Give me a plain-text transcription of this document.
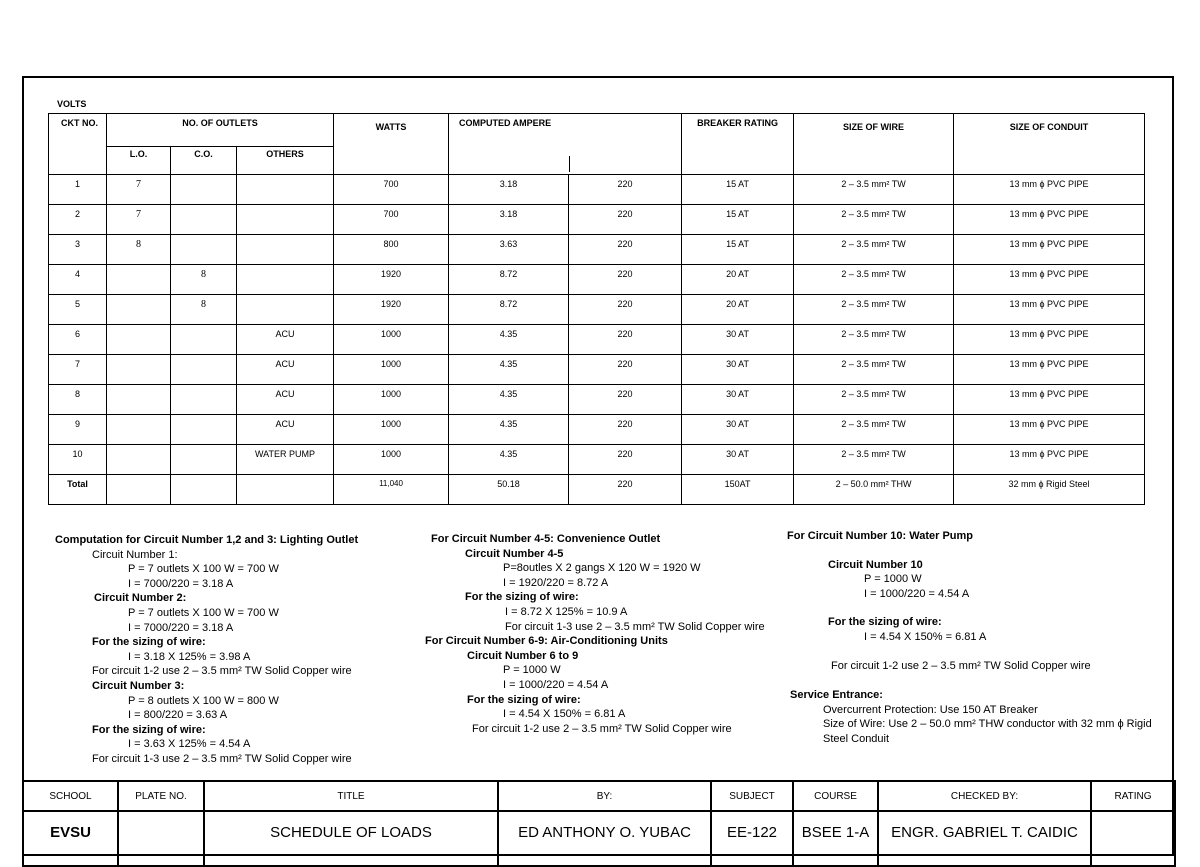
VOLTS
CKT NO.	NO. OF OUTLETS			WATTS	COMPUTED AMPERE		BREAKER RATING	SIZE OF WIRE	SIZE OF CONDUIT
	L.O.	C.O.	OTHERS						
1	7			700	3.18	220	15 AT	2 – 3.5 mm² TW	13 mm ϕ PVC PIPE
2	7			700	3.18	220	15 AT	2 – 3.5 mm² TW	13 mm ϕ PVC PIPE
3	8			800	3.63	220	15 AT	2 – 3.5 mm² TW	13 mm ϕ PVC PIPE
4		8		1920	8.72	220	20 AT	2 – 3.5 mm² TW	13 mm ϕ PVC PIPE
5		8		1920	8.72	220	20 AT	2 – 3.5 mm² TW	13 mm ϕ PVC PIPE
6			ACU	1000	4.35	220	30 AT	2 – 3.5 mm² TW	13 mm ϕ PVC PIPE
7			ACU	1000	4.35	220	30 AT	2 – 3.5 mm² TW	13 mm ϕ PVC PIPE
8			ACU	1000	4.35	220	30 AT	2 – 3.5 mm² TW	13 mm ϕ PVC PIPE
9			ACU	1000	4.35	220	30 AT	2 – 3.5 mm² TW	13 mm ϕ PVC PIPE
10			WATER PUMP	1000	4.35	220	30 AT	2 – 3.5 mm² TW	13 mm ϕ PVC PIPE
Total				11,040	50.18	220	150AT	2 – 50.0 mm² THW	32 mm ϕ Rigid Steel
Computation for Circuit Number 1,2 and 3: Lighting Outlet
Circuit Number 1:
P = 7 outlets X 100 W = 700 W
I = 7000/220 = 3.18 A
Circuit Number 2:
P = 7 outlets X 100 W = 700 W
I = 7000/220 = 3.18 A
For the sizing of wire:
I = 3.18 X 125% = 3.98 A
For circuit 1-2 use 2 – 3.5 mm² TW Solid Copper wire
Circuit Number 3:
P = 8 outlets X 100 W = 800 W
I = 800/220 = 3.63 A
For the sizing of wire:
I = 3.63 X 125% = 4.54 A
For circuit 1-3 use 2 – 3.5 mm² TW Solid Copper wire
For Circuit Number 4-5: Convenience Outlet
Circuit Number 4-5
P=8outles X 2 gangs X 120 W = 1920 W
I = 1920/220 = 8.72 A
For the sizing of wire:
I = 8.72 X 125% = 10.9 A
For circuit 1-3 use 2 – 3.5 mm² TW Solid Copper wire
For Circuit Number 6-9: Air-Conditioning Units
Circuit Number 6 to 9
P = 1000 W
I = 1000/220 = 4.54 A
For the sizing of wire:
I = 4.54 X 150% = 6.81 A
For circuit 1-2 use 2 – 3.5 mm² TW Solid Copper wire
For Circuit Number 10: Water Pump
Circuit Number 10
P = 1000 W
I = 1000/220 = 4.54 A
For the sizing of wire:
I = 4.54 X 150% = 6.81 A
For circuit 1-2 use 2 – 3.5 mm² TW Solid Copper wire
Service Entrance:
Overcurrent Protection: Use 150 AT Breaker
Size of Wire: Use 2 – 50.0 mm² THW conductor with 32 mm ϕ Rigid
Steel Conduit
SCHOOL	PLATE NO.	TITLE	BY:	SUBJECT	COURSE	CHECKED BY:	RATING
EVSU		SCHEDULE OF LOADS	ED ANTHONY O. YUBAC	EE-122	BSEE 1-A	ENGR. GABRIEL T. CAIDIC	
